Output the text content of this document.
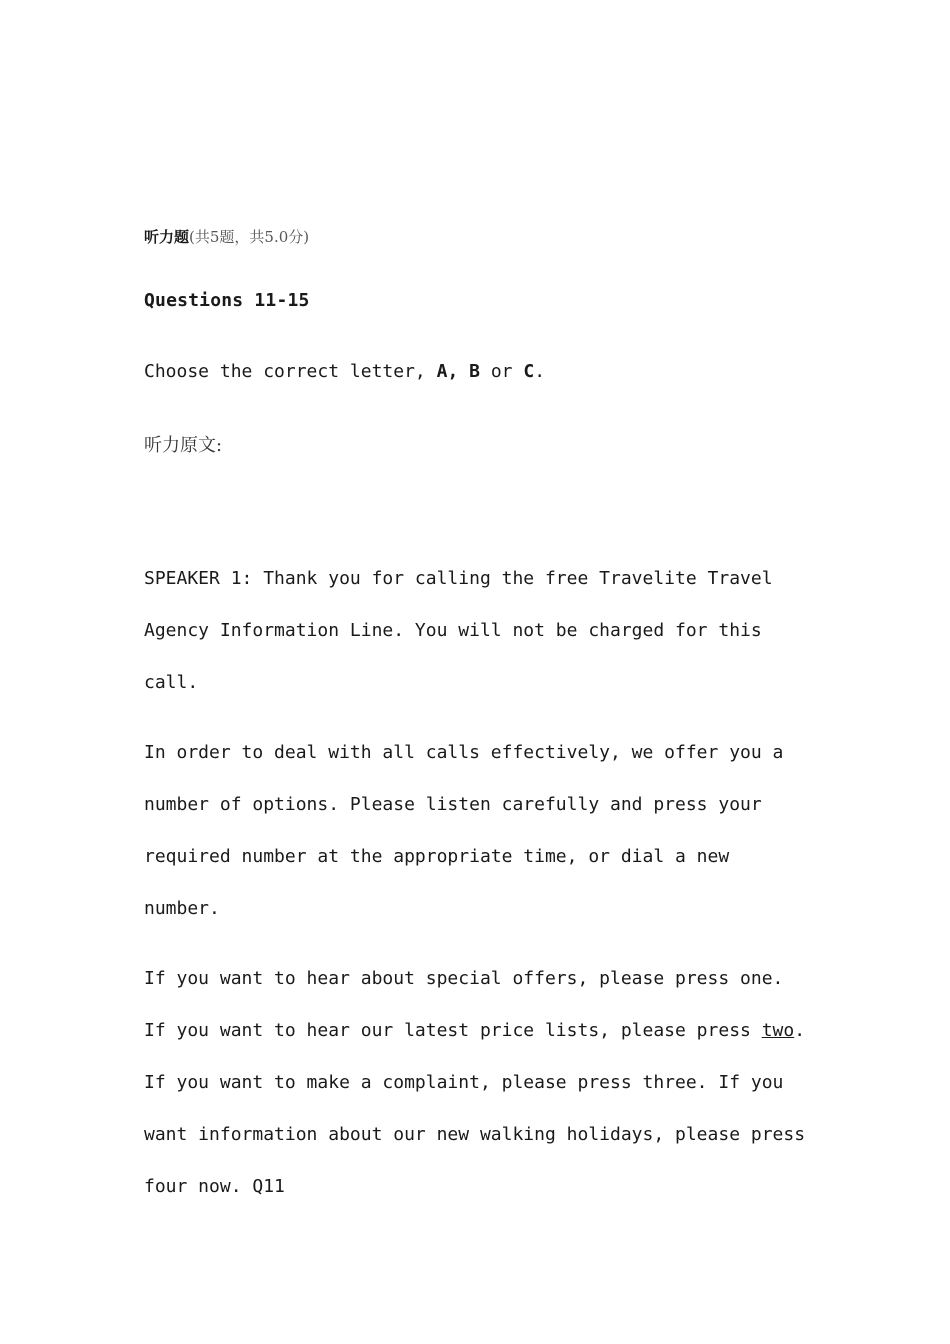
听力题(共5题，共5.0分)
Questions 11-15
Choose the correct letter, A, B or C.
听力原文:
SPEAKER 1: Thank you for calling the free Travelite Travel
Agency Information Line. You will not be charged for this
call.
In order to deal with all calls effectively, we offer you a
number of options. Please listen carefully and press your
required number at the appropriate time, or dial a new
number.
If you want to hear about special offers, please press one.
If you want to hear our latest price lists, please press two.
If you want to make a complaint, please press three. If you
want information about our new walking holidays, please press
four now. Q11
